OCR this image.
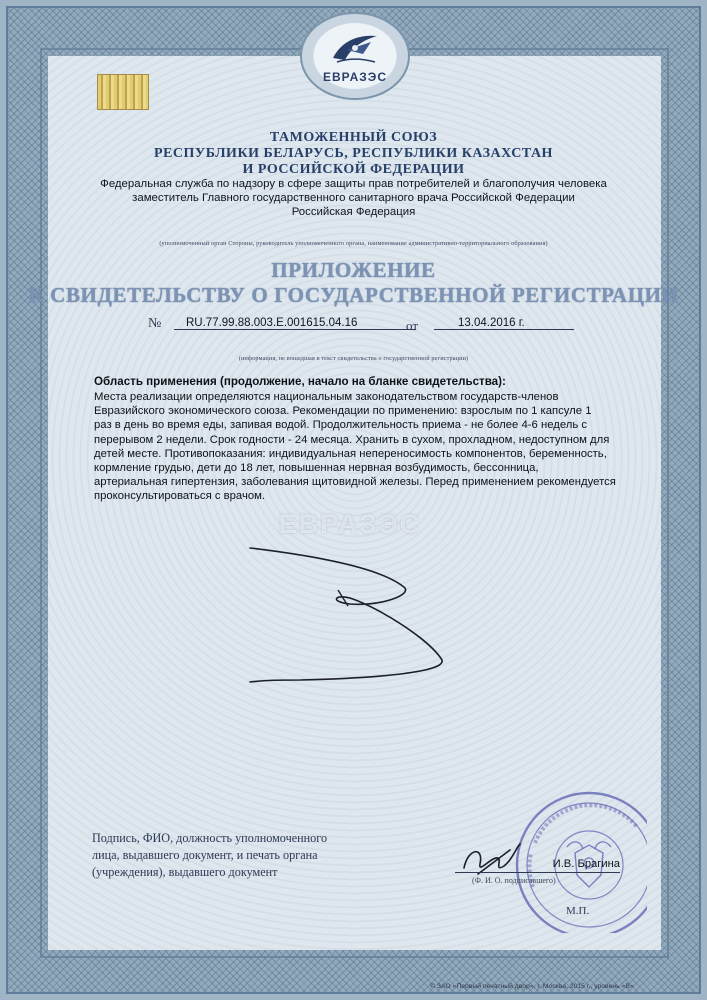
ЕВРАЗЭС
ТАМОЖЕННЫЙ СОЮЗ
РЕСПУБЛИКИ БЕЛАРУСЬ, РЕСПУБЛИКИ КАЗАХСТАН
И РОССИЙСКОЙ ФЕДЕРАЦИИ
Федеральная служба по надзору в сфере защиты прав потребителей и благополучия человека
заместитель Главного государственного санитарного врача Российской Федерации
Российская Федерация
(уполномоченный орган Стороны, руководитель уполномоченного органа, наименование административно-территориального образования)
ПРИЛОЖЕНИЕ
К СВИДЕТЕЛЬСТВУ О ГОСУДАРСТВЕННОЙ РЕГИСТРАЦИИ
№	RU.77.99.88.003.Е.001615.04.16	от	13.04.2016 г.
(информация, не вошедшая в текст свидетельства о государственной регистрации)
ЕВРАЗЭС
Область применения (продолжение, начало на бланке свидетельства):
Места реализации определяются национальным законодательством государств-членов
Евразийского экономического союза. Рекомендации по применению: взрослым по 1 капсуле 1
раз в день во время еды, запивая водой. Продолжительность приема - не более 4-6 недель с
перерывом 2 недели. Срок годности - 24 месяца. Хранить в сухом, прохладном, недоступном для
детей месте. Противопоказания: индивидуальная непереносимость компонентов, беременность,
кормление грудью, дети до 18 лет, повышенная нервная возбудимость, бессонница,
артериальная гипертензия, заболевания щитовидной железы. Перед применением рекомендуется
проконсультироваться с врачом.
Подпись, ФИО, должность уполномоченного
лица, выдавшего документ, и печать органа
(учреждения), выдавшего документ
И.В. Брагина
(Ф. И. О. подписавшего)
М.П.
© ЗАО «Первый печатный двор», г. Москва, 2015 г., уровень «В»
